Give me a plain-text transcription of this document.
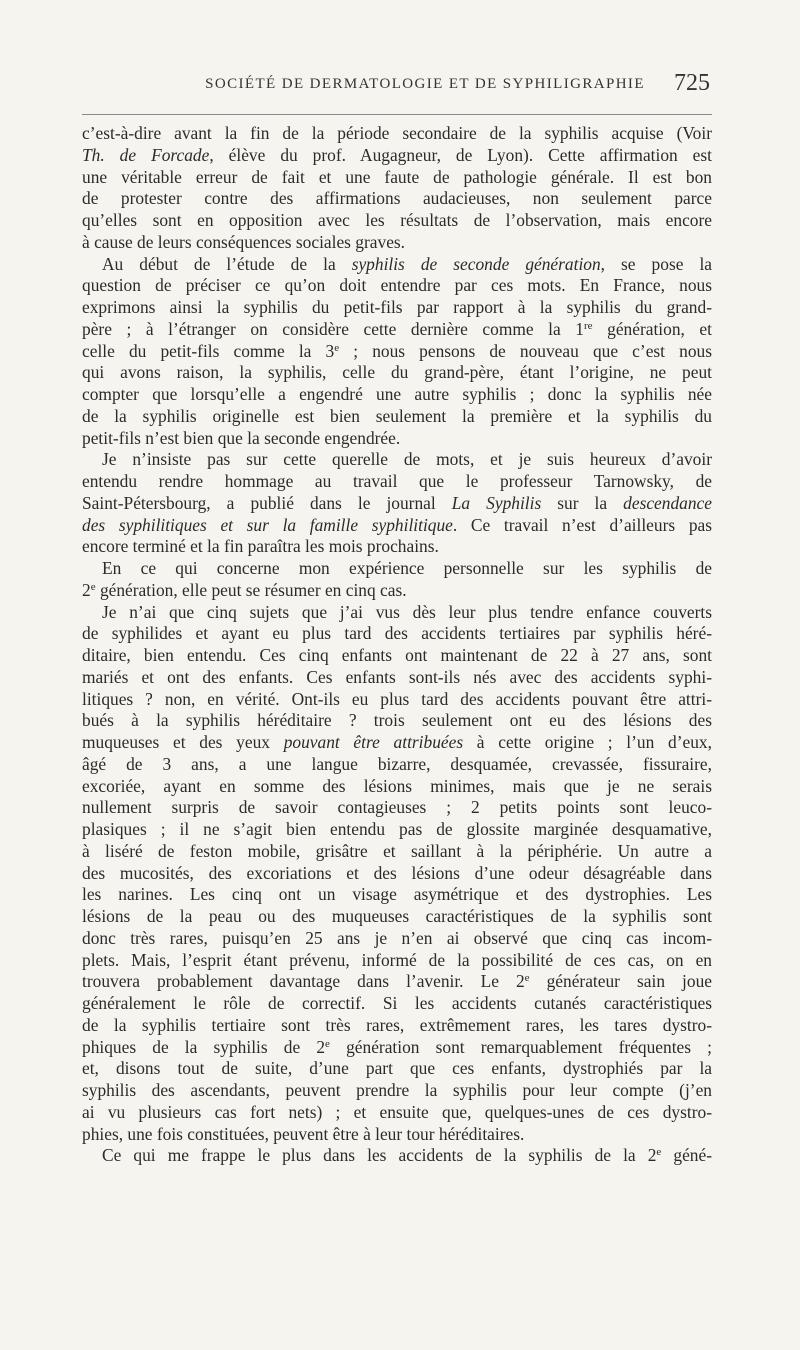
SOCIÉTÉ DE DERMATOLOGIE ET DE SYPHILIGRAPHIE	725
c’est-à-dire avant la fin de la période secondaire de la syphilis acquise (Voir
Th. de Forcade, élève du prof. Augagneur, de Lyon). Cette affirmation est
une véritable erreur de fait et une faute de pathologie générale. Il est bon
de protester contre des affirmations audacieuses, non seulement parce
qu’elles sont en opposition avec les résultats de l’observation, mais encore
à cause de leurs conséquences sociales graves.
Au début de l’étude de la syphilis de seconde génération, se pose la
question de préciser ce qu’on doit entendre par ces mots. En France, nous
exprimons ainsi la syphilis du petit-fils par rapport à la syphilis du grand-
père ; à l’étranger on considère cette dernière comme la 1re génération, et
celle du petit-fils comme la 3e ; nous pensons de nouveau que c’est nous
qui avons raison, la syphilis, celle du grand-père, étant l’origine, ne peut
compter que lorsqu’elle a engendré une autre syphilis ; donc la syphilis née
de la syphilis originelle est bien seulement la première et la syphilis du
petit-fils n’est bien que la seconde engendrée.
Je n’insiste pas sur cette querelle de mots, et je suis heureux d’avoir
entendu rendre hommage au travail que le professeur Tarnowsky, de
Saint-Pétersbourg, a publié dans le journal La Syphilis sur la descendance
des syphilitiques et sur la famille syphilitique. Ce travail n’est d’ailleurs pas
encore terminé et la fin paraîtra les mois prochains.
En ce qui concerne mon expérience personnelle sur les syphilis de
2e génération, elle peut se résumer en cinq cas.
Je n’ai que cinq sujets que j’ai vus dès leur plus tendre enfance couverts
de syphilides et ayant eu plus tard des accidents tertiaires par syphilis héré-
ditaire, bien entendu. Ces cinq enfants ont maintenant de 22 à 27 ans, sont
mariés et ont des enfants. Ces enfants sont-ils nés avec des accidents syphi-
litiques ? non, en vérité. Ont-ils eu plus tard des accidents pouvant être attri-
bués à la syphilis héréditaire ? trois seulement ont eu des lésions des
muqueuses et des yeux pouvant être attribuées à cette origine ; l’un d’eux,
âgé de 3 ans, a une langue bizarre, desquamée, crevassée, fissuraire,
excoriée, ayant en somme des lésions minimes, mais que je ne serais
nullement surpris de savoir contagieuses ; 2 petits points sont leuco-
plasiques ; il ne s’agit bien entendu pas de glossite marginée desquamative,
à liséré de feston mobile, grisâtre et saillant à la périphérie. Un autre a
des mucosités, des excoriations et des lésions d’une odeur désagréable dans
les narines. Les cinq ont un visage asymétrique et des dystrophies. Les
lésions de la peau ou des muqueuses caractéristiques de la syphilis sont
donc très rares, puisqu’en 25 ans je n’en ai observé que cinq cas incom-
plets. Mais, l’esprit étant prévenu, informé de la possibilité de ces cas, on en
trouvera probablement davantage dans l’avenir. Le 2e générateur sain joue
généralement le rôle de correctif. Si les accidents cutanés caractéristiques
de la syphilis tertiaire sont très rares, extrêmement rares, les tares dystro-
phiques de la syphilis de 2e génération sont remarquablement fréquentes ;
et, disons tout de suite, d’une part que ces enfants, dystrophiés par la
syphilis des ascendants, peuvent prendre la syphilis pour leur compte (j’en
ai vu plusieurs cas fort nets) ; et ensuite que, quelques-unes de ces dystro-
phies, une fois constituées, peuvent être à leur tour héréditaires.
Ce qui me frappe le plus dans les accidents de la syphilis de la 2e géné-
